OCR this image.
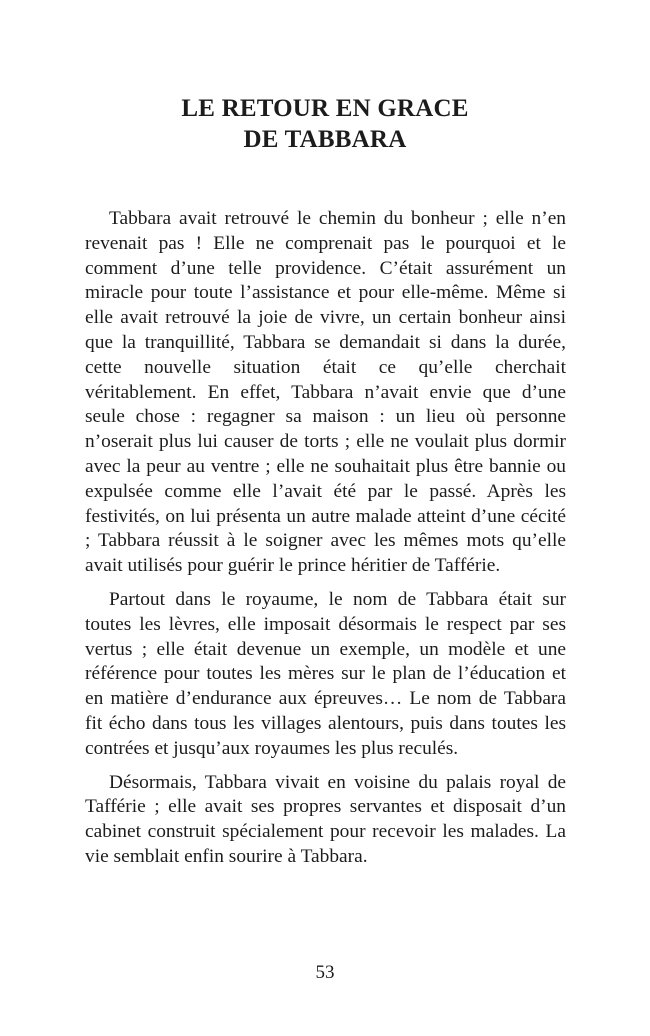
LE RETOUR EN GRACE
DE TABBARA

Tabbara avait retrouvé le chemin du bonheur ; elle n’en revenait pas ! Elle ne comprenait pas le pourquoi et le comment d’une telle providence. C’était assurément un miracle pour toute l’assistance et pour elle-même. Même si elle avait retrouvé la joie de vivre, un certain bonheur ainsi que la tranquillité, Tabbara se demandait si dans la durée, cette nouvelle situation était ce qu’elle cherchait véritablement. En effet, Tabbara n’avait envie que d’une seule chose : regagner sa maison : un lieu où personne n’oserait plus lui causer de torts ; elle ne voulait plus dormir avec la peur au ventre ; elle ne souhaitait plus être bannie ou expulsée comme elle l’avait été par le passé. Après les festivités, on lui présenta un autre malade atteint d’une cécité ; Tabbara réussit à le soigner avec les mêmes mots qu’elle avait utilisés pour guérir le prince héritier de Tafférie.

Partout dans le royaume, le nom de Tabbara était sur toutes les lèvres, elle imposait désormais le respect par ses vertus ; elle était devenue un exemple, un modèle et une référence pour toutes les mères sur le plan de l’éducation et en matière d’endurance aux épreuves… Le nom de Tabbara fit écho dans tous les villages alentours, puis dans toutes les contrées et jusqu’aux royaumes les plus reculés.

Désormais, Tabbara vivait en voisine du palais royal de Tafférie ; elle avait ses propres servantes et disposait d’un cabinet construit spécialement pour recevoir les malades. La vie semblait enfin sourire à Tabbara.

53
